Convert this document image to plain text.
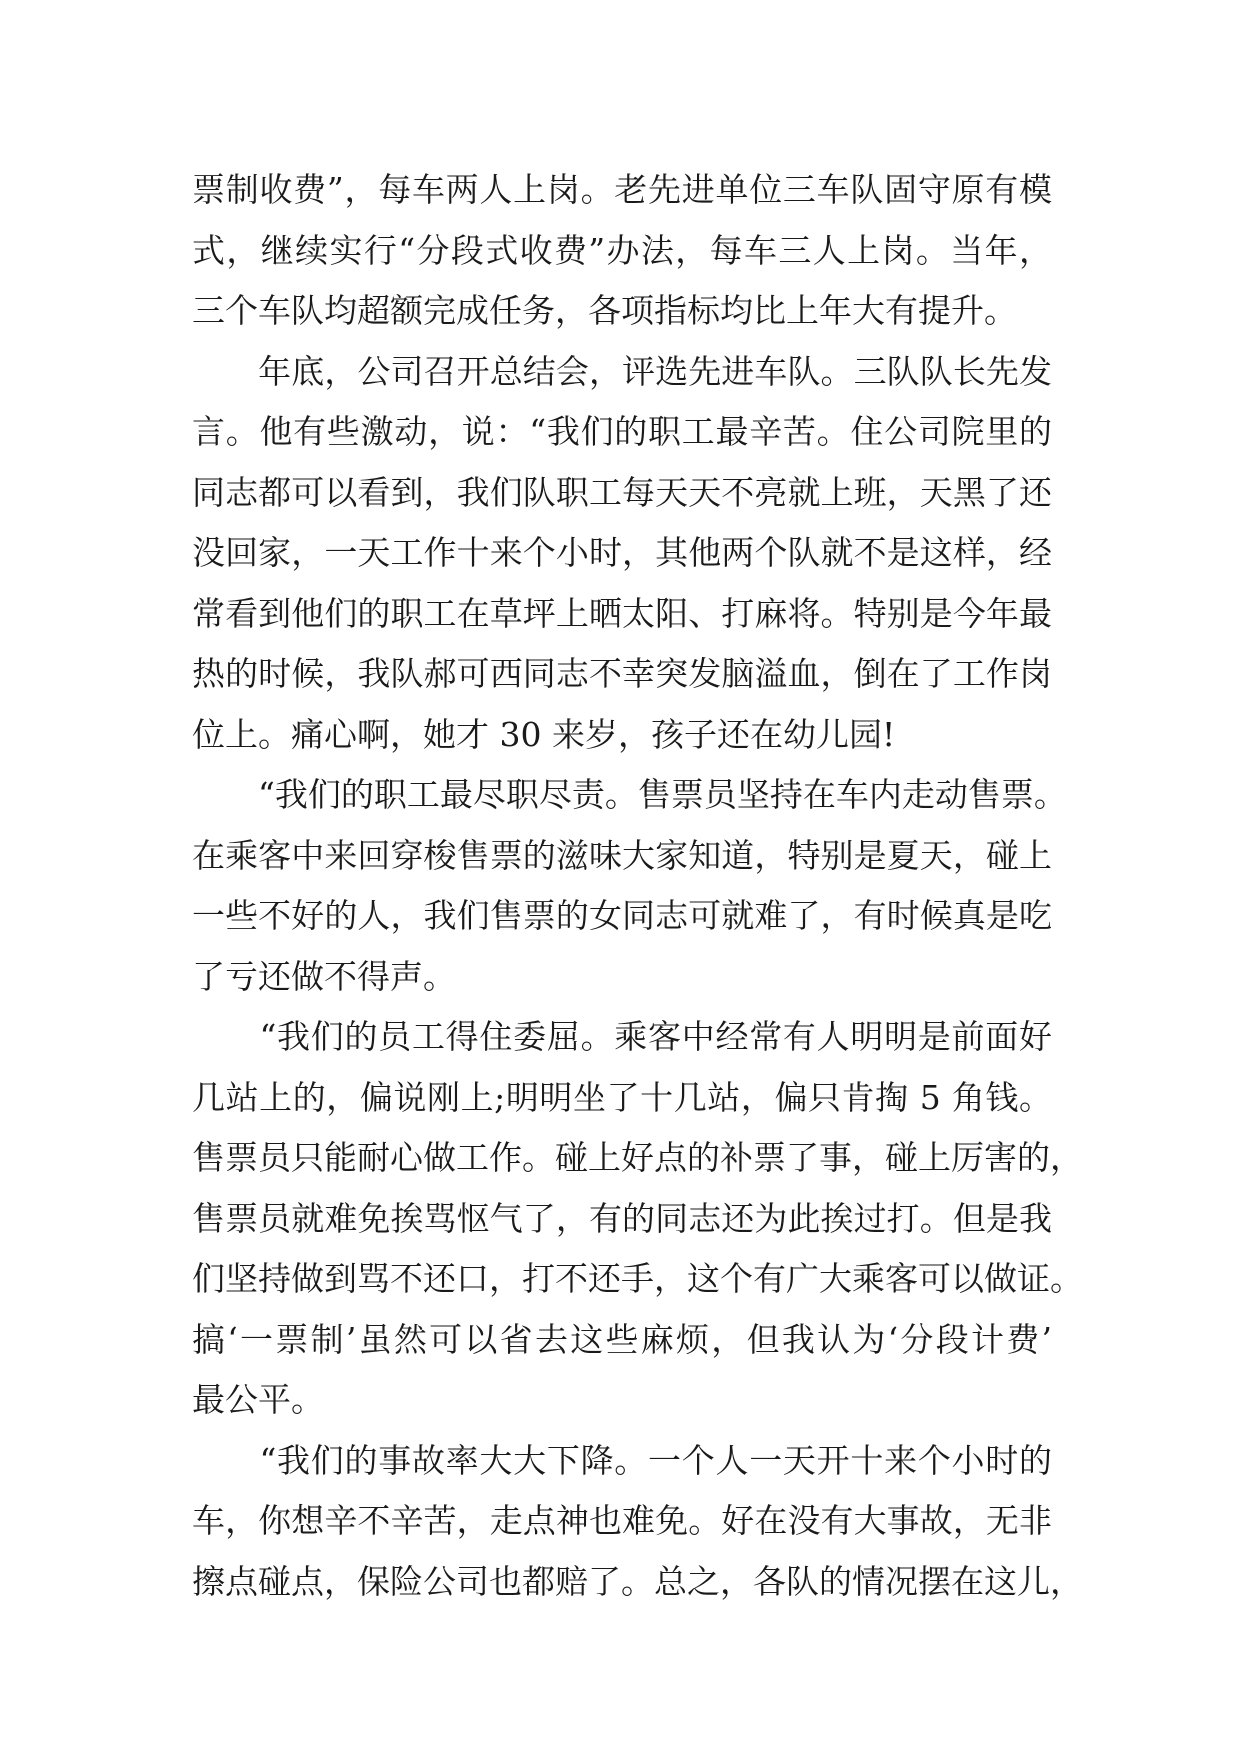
票制收费”，每车两人上岗。老先进单位三车队固守原有模
式，继续实行“分段式收费”办法，每车三人上岗。当年，
三个车队均超额完成任务，各项指标均比上年大有提升。
　　年底，公司召开总结会，评选先进车队。三队队长先发
言。他有些激动，说：“我们的职工最辛苦。住公司院里的
同志都可以看到，我们队职工每天天不亮就上班，天黑了还
没回家，一天工作十来个小时，其他两个队就不是这样，经
常看到他们的职工在草坪上晒太阳、打麻将。特别是今年最
热的时候，我队郝可西同志不幸突发脑溢血，倒在了工作岗
位上。痛心啊，她才 30 来岁，孩子还在幼儿园!
　　“我们的职工最尽职尽责。售票员坚持在车内走动售票。
在乘客中来回穿梭售票的滋味大家知道，特别是夏天，碰上
一些不好的人，我们售票的女同志可就难了，有时候真是吃
了亏还做不得声。
　　“我们的员工得住委屈。乘客中经常有人明明是前面好
几站上的，偏说刚上;明明坐了十几站，偏只肯掏 5 角钱。
售票员只能耐心做工作。碰上好点的补票了事，碰上厉害的，
售票员就难免挨骂怄气了，有的同志还为此挨过打。但是我
们坚持做到骂不还口，打不还手，这个有广大乘客可以做证。
搞‘一票制’虽然可以省去这些麻烦，但我认为‘分段计费’
最公平。
　　“我们的事故率大大下降。一个人一天开十来个小时的
车，你想辛不辛苦，走点神也难免。好在没有大事故，无非
擦点碰点，保险公司也都赔了。总之，各队的情况摆在这儿，
